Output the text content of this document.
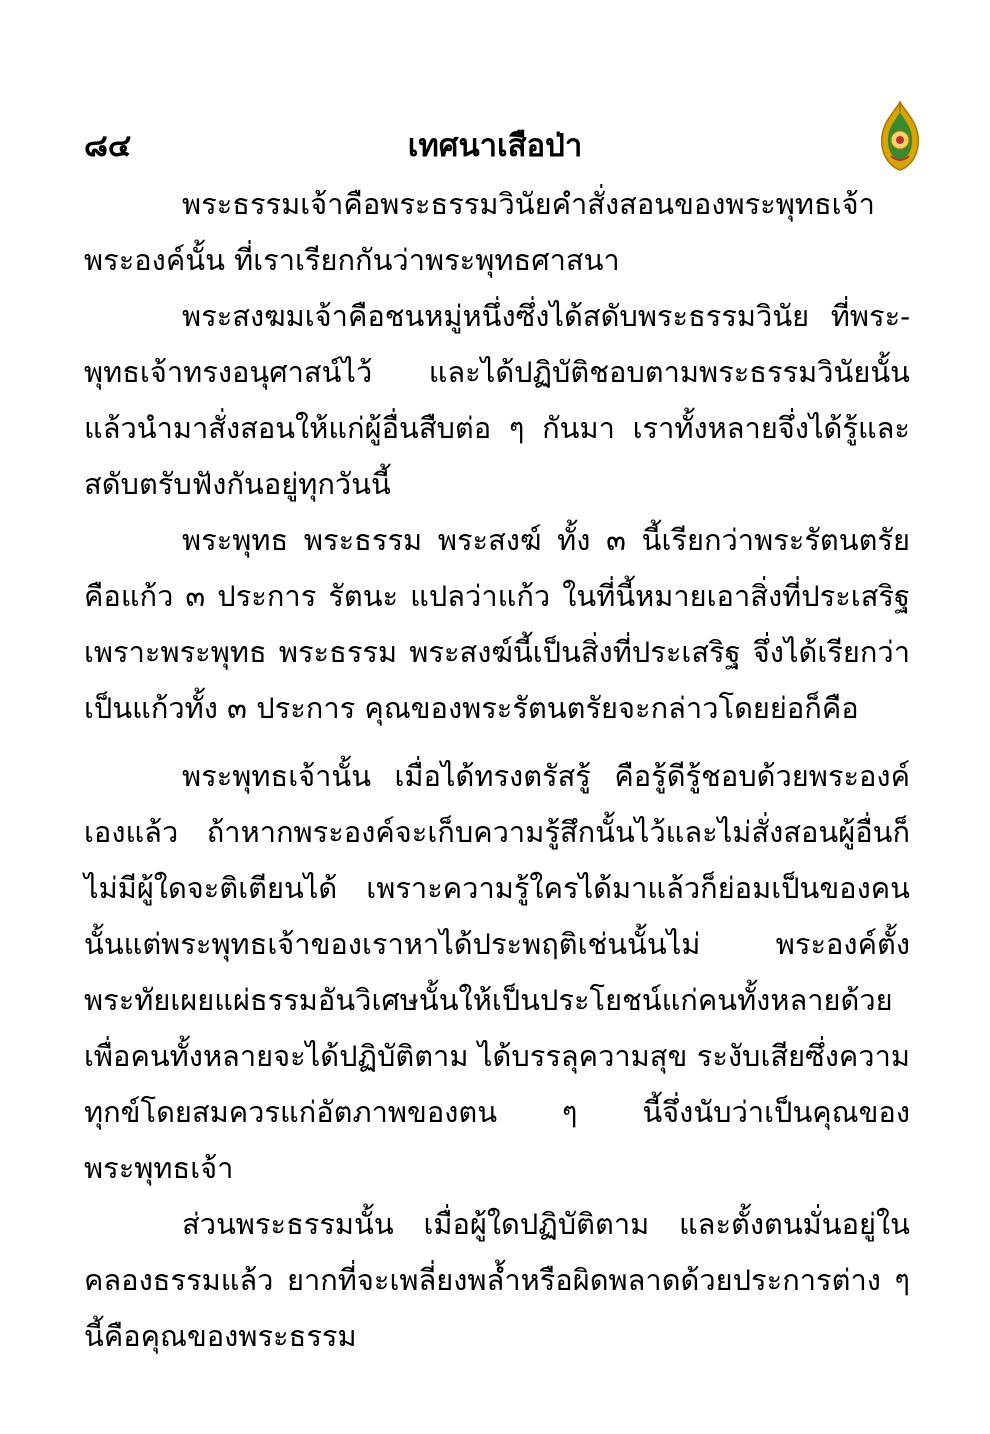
๘๔	เทศนาเสือป่า

พระธรรมเจ้าคือพระธรรมวินัยคำสั่งสอนของพระพุทธเจ้าพระองค์นั้น ที่เราเรียกกันว่าพระพุทธศาสนา

พระสงฆมเจ้าคือชนหมู่หนึ่งซึ่งได้สดับพระธรรมวินัย ที่พระ-พุทธเจ้าทรงอนุศาสน์ไว้ และได้ปฏิบัติชอบตามพระธรรมวินัยนั้นแล้วนำมาสั่งสอนให้แก่ผู้อื่นสืบต่อ ๆ กันมา เราทั้งหลายจึ่งได้รู้และสดับตรับฟังกันอยู่ทุกวันนี้

พระพุทธ พระธรรม พระสงฆ์ ทั้ง ๓ นี้เรียกว่าพระรัตนตรัยคือแก้ว ๓ ประการ รัตนะ แปลว่าแก้ว ในที่นี้หมายเอาสิ่งที่ประเสริฐเพราะพระพุทธ พระธรรม พระสงฆ์นี้เป็นสิ่งที่ประเสริฐ จึ่งได้เรียกว่าเป็นแก้วทั้ง ๓ ประการ คุณของพระรัตนตรัยจะกล่าวโดยย่อก็คือ

พระพุทธเจ้านั้น เมื่อได้ทรงตรัสรู้ คือรู้ดีรู้ชอบด้วยพระองค์เองแล้ว ถ้าหากพระองค์จะเก็บความรู้สึกนั้นไว้และไม่สั่งสอนผู้อื่นก็ไม่มีผู้ใดจะติเตียนได้ เพราะความรู้ใครได้มาแล้วก็ย่อมเป็นของคนนั้นแต่พระพุทธเจ้าของเราหาได้ประพฤติเช่นนั้นไม่ พระองค์ตั้งพระทัยเผยแผ่ธรรมอันวิเศษนั้นให้เป็นประโยชน์แก่คนทั้งหลายด้วย เพื่อคนทั้งหลายจะได้ปฏิบัติตาม ได้บรรลุความสุข ระงับเสียซึ่งความทุกข์โดยสมควรแก่อัตภาพของตน ๆ นี้จึ่งนับว่าเป็นคุณของพระพุทธเจ้า

ส่วนพระธรรมนั้น เมื่อผู้ใดปฏิบัติตาม และตั้งตนมั่นอยู่ในคลองธรรมแล้ว ยากที่จะเพลี่ยงพล้ำหรือผิดพลาดด้วยประการต่าง ๆ นี้คือคุณของพระธรรม
